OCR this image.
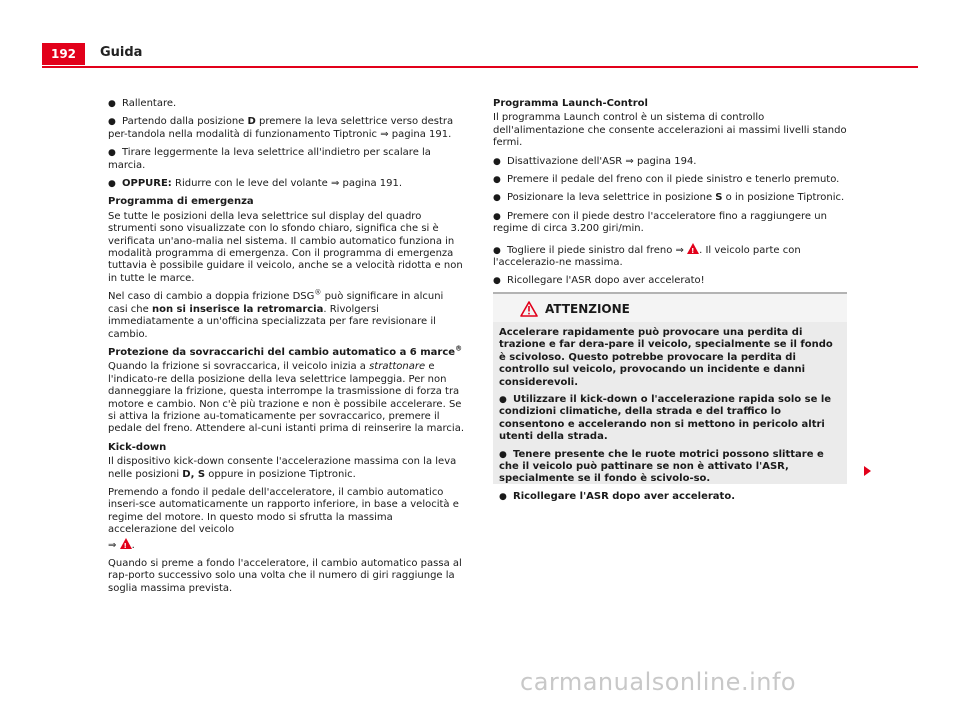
192	Guida
● Rallentare.
● Partendo dalla posizione D premere la leva selettrice verso destra per-tandola nella modalità di funzionamento Tiptronic ⇒ pagina 191.
● Tirare leggermente la leva selettrice all'indietro per scalare la marcia.
● OPPURE: Ridurre con le leve del volante ⇒ pagina 191.
Programma di emergenza

Se tutte le posizioni della leva selettrice sul display del quadro strumenti sono visualizzate con lo sfondo chiaro, significa che si è verificata un'ano-malia nel sistema. Il cambio automatico funziona in modalità programma di emergenza. Con il programma di emergenza tuttavia è possibile guidare il veicolo, anche se a velocità ridotta e non in tutte le marce.

Nel caso di cambio a doppia frizione DSG® può significare in alcuni casi che non si inserisce la retromarcia. Rivolgersi immediatamente a un'officina specializzata per fare revisionare il cambio.

Protezione da sovraccarichi del cambio automatico a 6 marce®

Quando la frizione si sovraccarica, il veicolo inizia a strattonare e l'indicato-re della posizione della leva selettrice lampeggia. Per non danneggiare la frizione, questa interrompe la trasmissione di forza tra motore e cambio. Non c'è più trazione e non è possibile accelerare. Se si attiva la frizione au-tomaticamente per sovraccarico, premere il pedale del freno. Attendere al-cuni istanti prima di reinserire la marcia.

Kick-down

Il dispositivo kick-down consente l'accelerazione massima con la leva nelle posizioni D, S oppure in posizione Tiptronic.

Premendo a fondo il pedale dell'acceleratore, il cambio automatico inseri-sce automaticamente un rapporto inferiore, in base a velocità e regime del motore. In questo modo si sfrutta la massima accelerazione del veicolo
⇒ ! .

Quando si preme a fondo l'acceleratore, il cambio automatico passa al rap-porto successivo solo una volta che il numero di giri raggiunge la soglia massima prevista.

Programma Launch-Control

Il programma Launch control è un sistema di controllo dell'alimentazione che consente accelerazioni ai massimi livelli stando fermi.

● Disattivazione dell'ASR ⇒ pagina 194.
● Premere il pedale del freno con il piede sinistro e tenerlo premuto.
● Posizionare la leva selettrice in posizione S o in posizione Tiptronic.
● Premere con il piede destro l'acceleratore fino a raggiungere un regime di circa 3.200 giri/min.
● Togliere il piede sinistro dal freno ⇒ !. Il veicolo parte con l'accelerazio-ne massima.
● Ricollegare l'ASR dopo aver accelerato!
ATTENZIONE

Accelerare rapidamente può provocare una perdita di trazione e far dera-pare il veicolo, specialmente se il fondo è scivoloso. Questo potrebbe provocare la perdita di controllo sul veicolo, provocando un incidente e danni considerevoli.

● Utilizzare il kick-down o l'accelerazione rapida solo se le condizioni climatiche, della strada e del traffico lo consentono e accelerando non si mettono in pericolo altri utenti della strada.
● Tenere presente che le ruote motrici possono slittare e che il veicolo può pattinare se non è attivato l'ASR, specialmente se il fondo è scivolo-so.
● Ricollegare l'ASR dopo aver accelerato.
carmanualsonline.info
